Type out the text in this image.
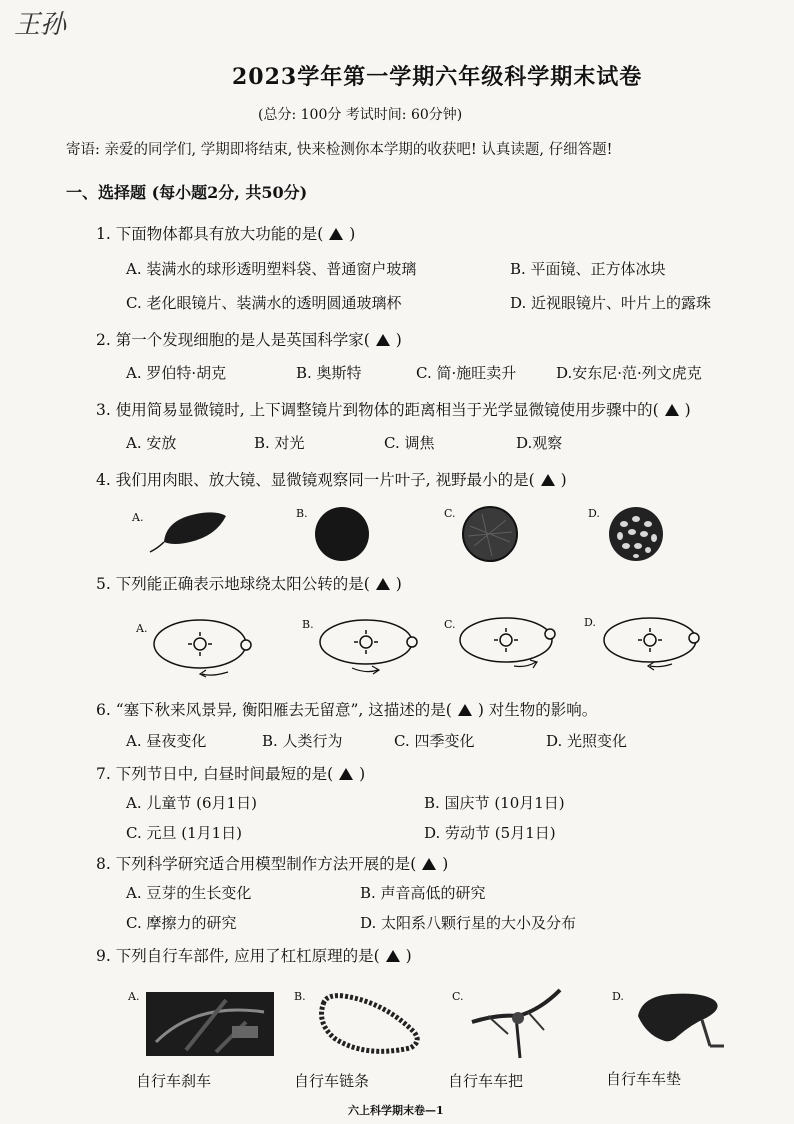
王孙
2023学年第一学期六年级科学期末试卷
(总分: 100分 考试时间: 60分钟)
寄语: 亲爱的同学们, 学期即将结束, 快来检测你本学期的收获吧! 认真读题, 仔细答题!
一、选择题 (每小题2分, 共50分)
1. 下面物体都具有放大功能的是( )
A. 装满水的球形透明塑料袋、普通窗户玻璃	B. 平面镜、正方体冰块
C. 老化眼镜片、装满水的透明圆通玻璃杯	D. 近视眼镜片、叶片上的露珠
2. 第一个发现细胞的是人是英国科学家( )
A. 罗伯特·胡克	B. 奥斯特	C. 简·施旺卖升	D.安东尼·范·列文虎克
3. 使用简易显微镜时, 上下调整镜片到物体的距离相当于光学显微镜使用步骤中的( )
A. 安放	B. 对光	C. 调焦	D.观察
4. 我们用肉眼、放大镜、显微镜观察同一片叶子, 视野最小的是( )
A.	B.	C.	D.
5. 下列能正确表示地球绕太阳公转的是( )
A.	B.	C.	D.
6. “塞下秋来风景异, 衡阳雁去无留意”, 这描述的是( ) 对生物的影响。
A. 昼夜变化	B. 人类行为	C. 四季变化	D. 光照变化
7. 下列节日中, 白昼时间最短的是( )
A. 儿童节 (6月1日)	B. 国庆节 (10月1日)
C. 元旦 (1月1日)	D. 劳动节 (5月1日)
8. 下列科学研究适合用模型制作方法开展的是( )
A. 豆芽的生长变化	B. 声音高低的研究
C. 摩擦力的研究	D. 太阳系八颗行星的大小及分布
9. 下列自行车部件, 应用了杠杠原理的是( )
A.	B.	C.	D.
自行车刹车	自行车链条	自行车车把	自行车车垫
六上科学期末卷—1
